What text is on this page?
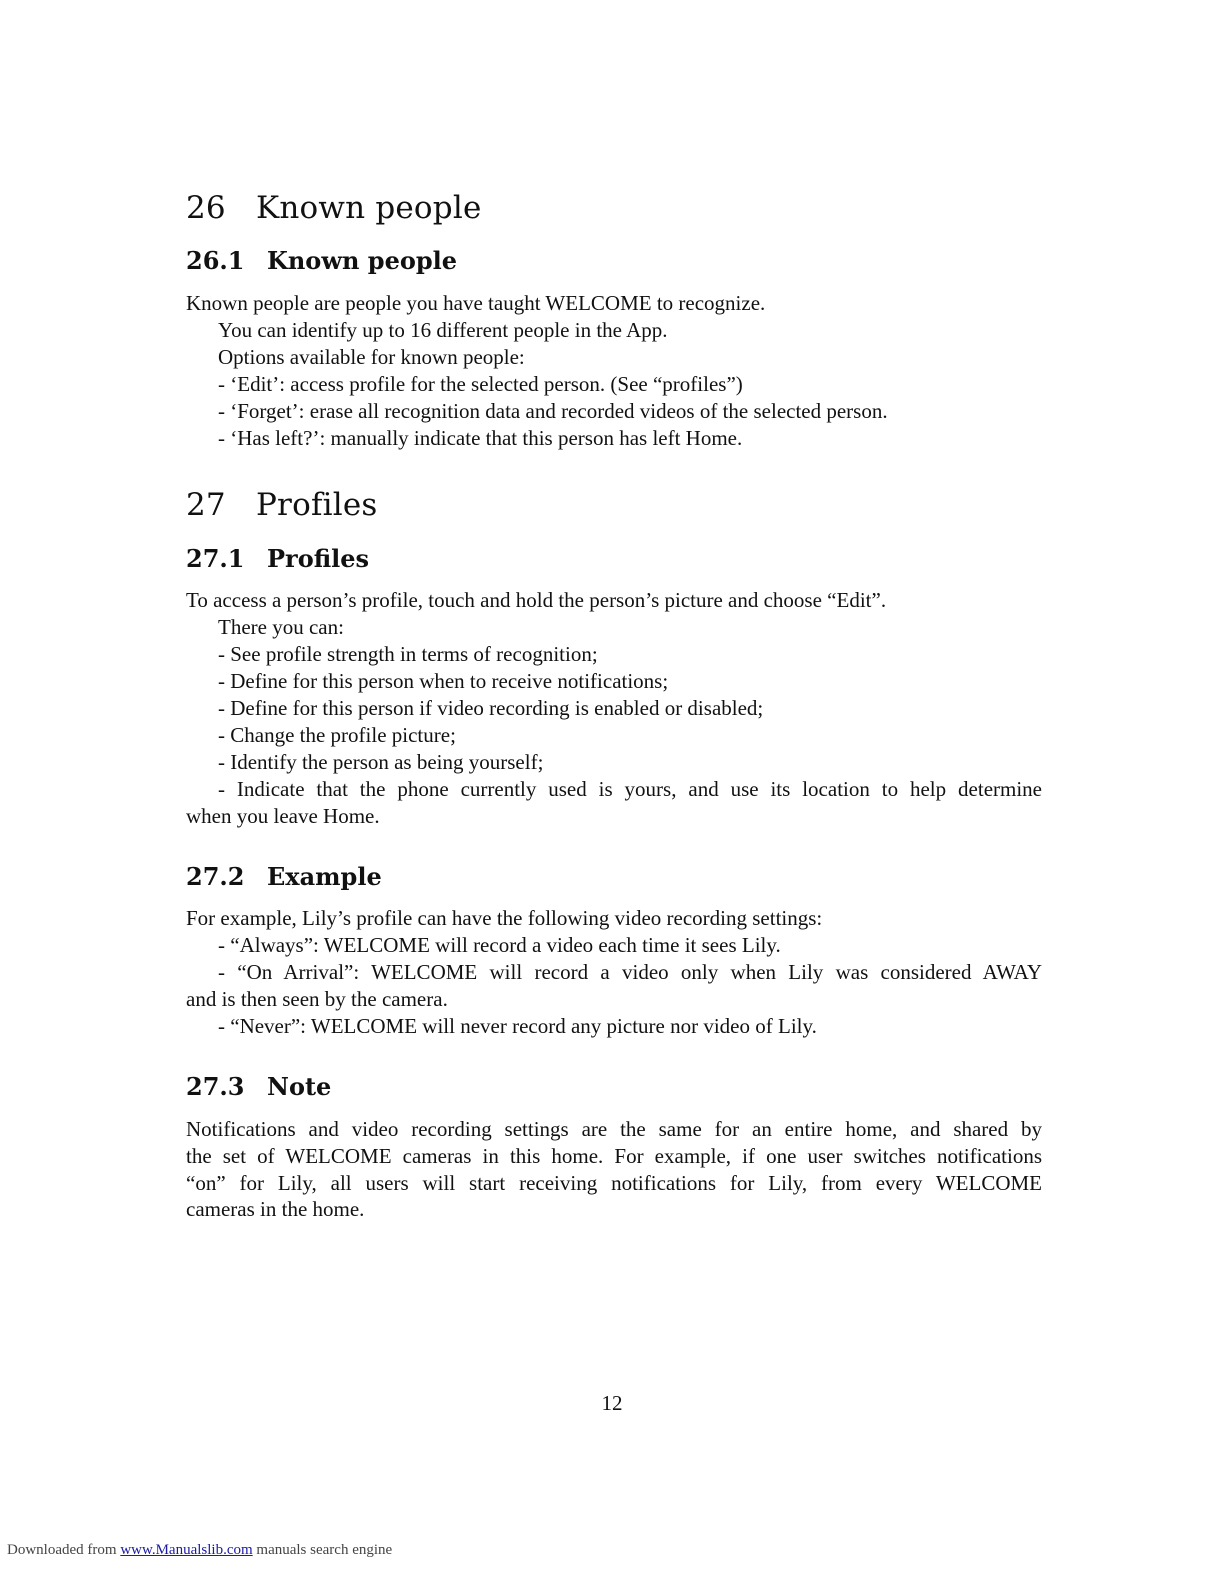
26 Known people
26.1 Known people
Known people are people you have taught WELCOME to recognize.
You can identify up to 16 different people in the App.
Options available for known people:
- ‘Edit’: access profile for the selected person. (See “profiles”)
- ‘Forget’: erase all recognition data and recorded videos of the selected person.
- ‘Has left?’: manually indicate that this person has left Home.
27 Profiles
27.1 Profiles
To access a person’s profile, touch and hold the person’s picture and choose “Edit”.
There you can:
- See profile strength in terms of recognition;
- Define for this person when to receive notifications;
- Define for this person if video recording is enabled or disabled;
- Change the profile picture;
- Identify the person as being yourself;
- Indicate that the phone currently used is yours, and use its location to help determine
when you leave Home.
27.2 Example
For example, Lily’s profile can have the following video recording settings:
- “Always”: WELCOME will record a video each time it sees Lily.
- “On Arrival”: WELCOME will record a video only when Lily was considered AWAY
and is then seen by the camera.
- “Never”: WELCOME will never record any picture nor video of Lily.
27.3 Note
Notifications and video recording settings are the same for an entire home, and shared by
the set of WELCOME cameras in this home. For example, if one user switches notifications
“on” for Lily, all users will start receiving notifications for Lily, from every WELCOME
cameras in the home.
12
Downloaded from www.Manualslib.com manuals search engine
